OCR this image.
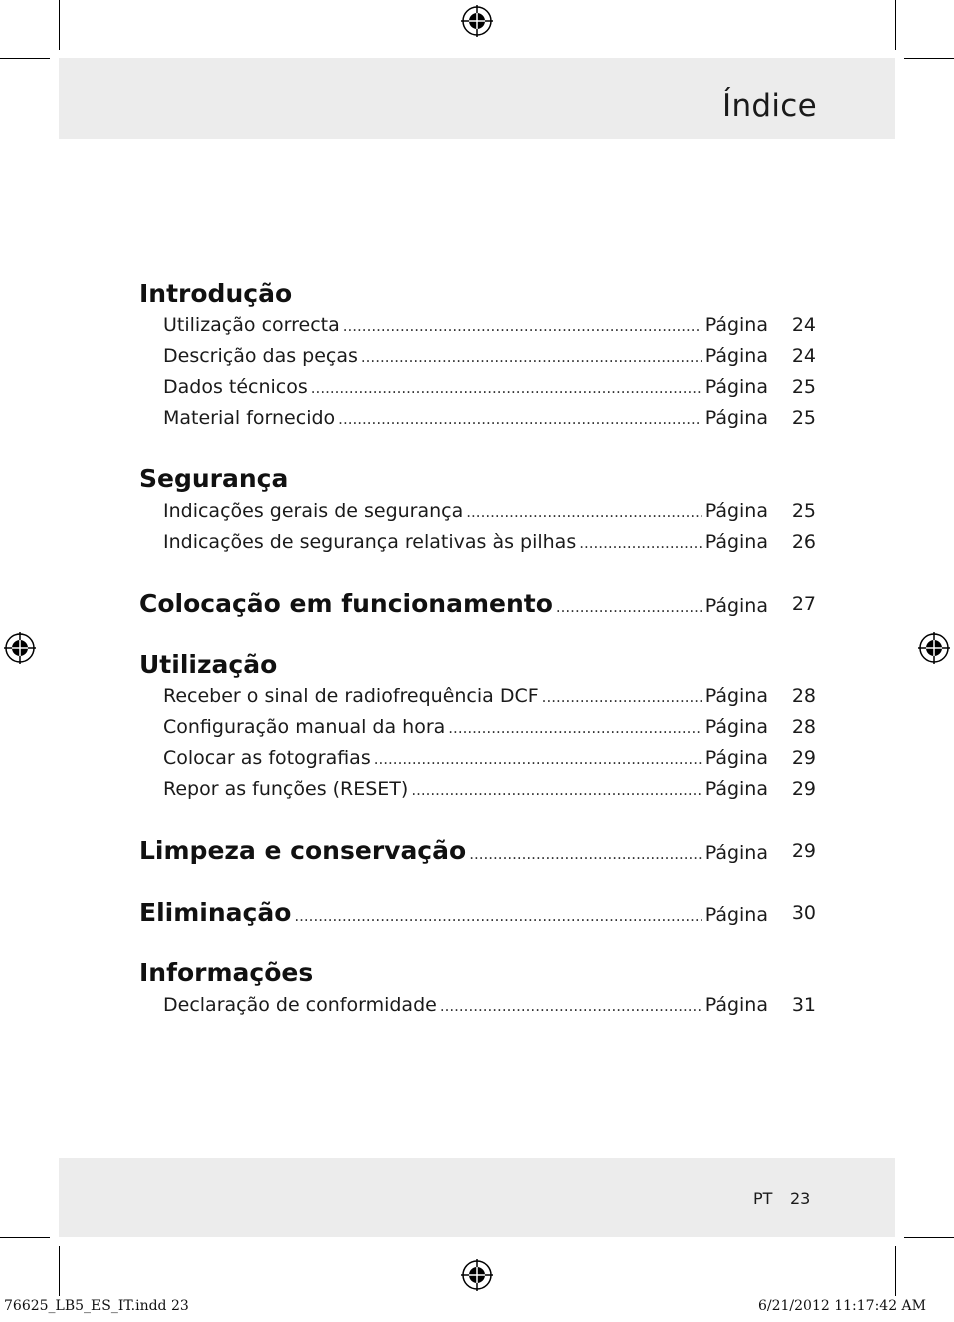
Índice
PT 23
Introdução
Utilização correcta .....	Página	24
Descrição das peças .....	Página	24
Dados técnicos .....	Página	25
Material fornecido .....	Página	25
Segurança
Indicações gerais de segurança .....	Página	25
Indicações de segurança relativas às pilhas .....	Página	26
Colocação em funcionamento .....	Página	27
Utilização
Receber o sinal de radiofrequência DCF .....	Página	28
Configuração manual da hora .....	Página	28
Colocar as fotografias .....	Página	29
Repor as funções (RESET) .....	Página	29
Limpeza e conservação .....	Página	29
Eliminação .....	Página	30
Informações
Declaração de conformidade .....	Página	31
76625_LB5_ES_IT.indd 23	6/21/2012 11:17:42 AM
